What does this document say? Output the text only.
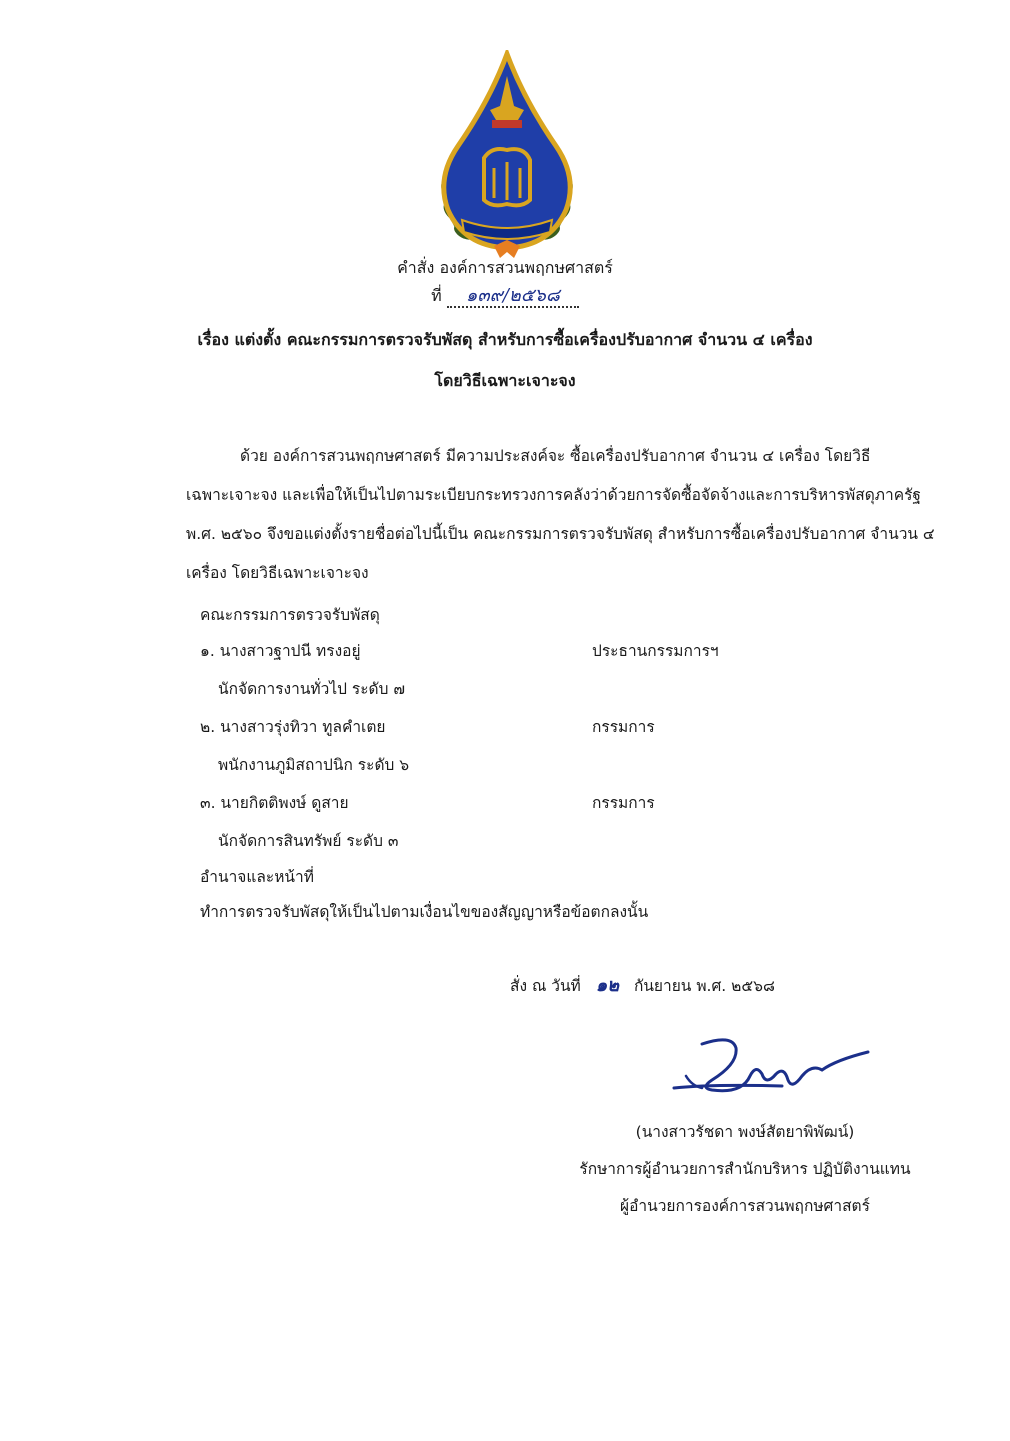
คำสั่ง องค์การสวนพฤกษศาสตร์
ที่ ๑๓๙/๒๕๖๘
เรื่อง แต่งตั้ง คณะกรรมการตรวจรับพัสดุ สำหรับการซื้อเครื่องปรับอากาศ จำนวน ๔ เครื่อง
โดยวิธีเฉพาะเจาะจง
ด้วย องค์การสวนพฤกษศาสตร์ มีความประสงค์จะ ซื้อเครื่องปรับอากาศ จำนวน ๔ เครื่อง โดยวิธี
เฉพาะเจาะจง และเพื่อให้เป็นไปตามระเบียบกระทรวงการคลังว่าด้วยการจัดซื้อจัดจ้างและการบริหารพัสดุภาครัฐ
พ.ศ. ๒๕๖๐ จึงขอแต่งตั้งรายชื่อต่อไปนี้เป็น คณะกรรมการตรวจรับพัสดุ สำหรับการซื้อเครื่องปรับอากาศ จำนวน ๔
เครื่อง โดยวิธีเฉพาะเจาะจง
คณะกรรมการตรวจรับพัสดุ
๑. นางสาวฐาปนี ทรงอยู่	ประธานกรรมการฯ
นักจัดการงานทั่วไป ระดับ ๗
๒. นางสาวรุ่งทิวา ทูลคำเตย	กรรมการ
พนักงานภูมิสถาปนิก ระดับ ๖
๓. นายกิตติพงษ์ ดูสาย	กรรมการ
นักจัดการสินทรัพย์ ระดับ ๓
อำนาจและหน้าที่
ทำการตรวจรับพัสดุให้เป็นไปตามเงื่อนไขของสัญญาหรือข้อตกลงนั้น
สั่ง ณ วันที่ ๑๒ กันยายน พ.ศ. ๒๕๖๘
(นางสาวรัชดา พงษ์สัตยาพิพัฒน์)
รักษาการผู้อำนวยการสำนักบริหาร ปฏิบัติงานแทน
ผู้อำนวยการองค์การสวนพฤกษศาสตร์
